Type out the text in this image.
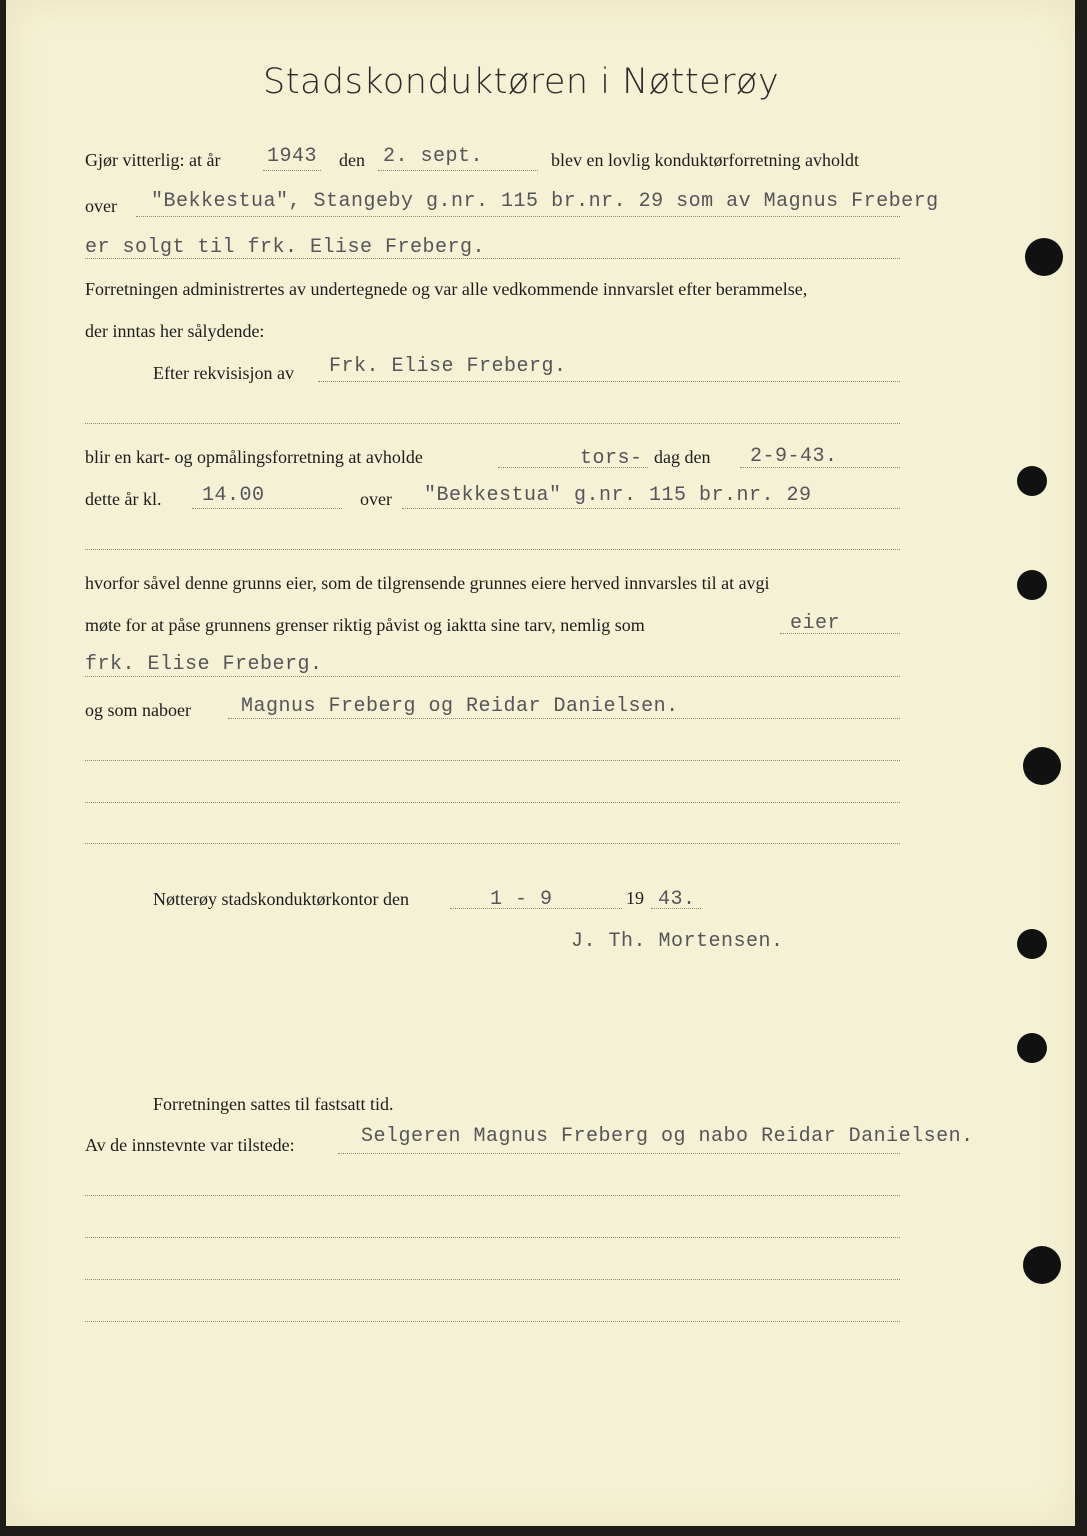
Stadskonduktøren i Nøtterøy
Gjør vitterlig: at år 1943 den 2. sept.	blev en lovlig konduktørforretning avholdt
over "Bekkestua", Stangeby g.nr. 115 br.nr. 29 som av Magnus Freberg
er solgt til frk. Elise Freberg.
Forretningen administrertes av undertegnede og var alle vedkommende innvarslet efter berammelse,
der inntas her sålydende:
Efter rekvisisjon av Frk. Elise Freberg.
blir en kart- og opmålingsforretning at avholde	tors- dag den 2-9-43.
dette år kl. 14.00	over "Bekkestua" g.nr. 115 br.nr. 29
hvorfor såvel denne grunns eier, som de tilgrensende grunnes eiere herved innvarsles til at avgi
møte for at påse grunnens grenser riktig påvist og iaktta sine tarv, nemlig som	eier
frk. Elise Freberg.
og som naboer	Magnus Freberg og Reidar Danielsen.
Nøtterøy stadskonduktørkontor den	1 - 9	19 43.
J. Th. Mortensen.
Forretningen sattes til fastsatt tid.
Av de innstevnte var tilstede:	Selgeren Magnus Freberg og nabo Reidar Danielsen.
